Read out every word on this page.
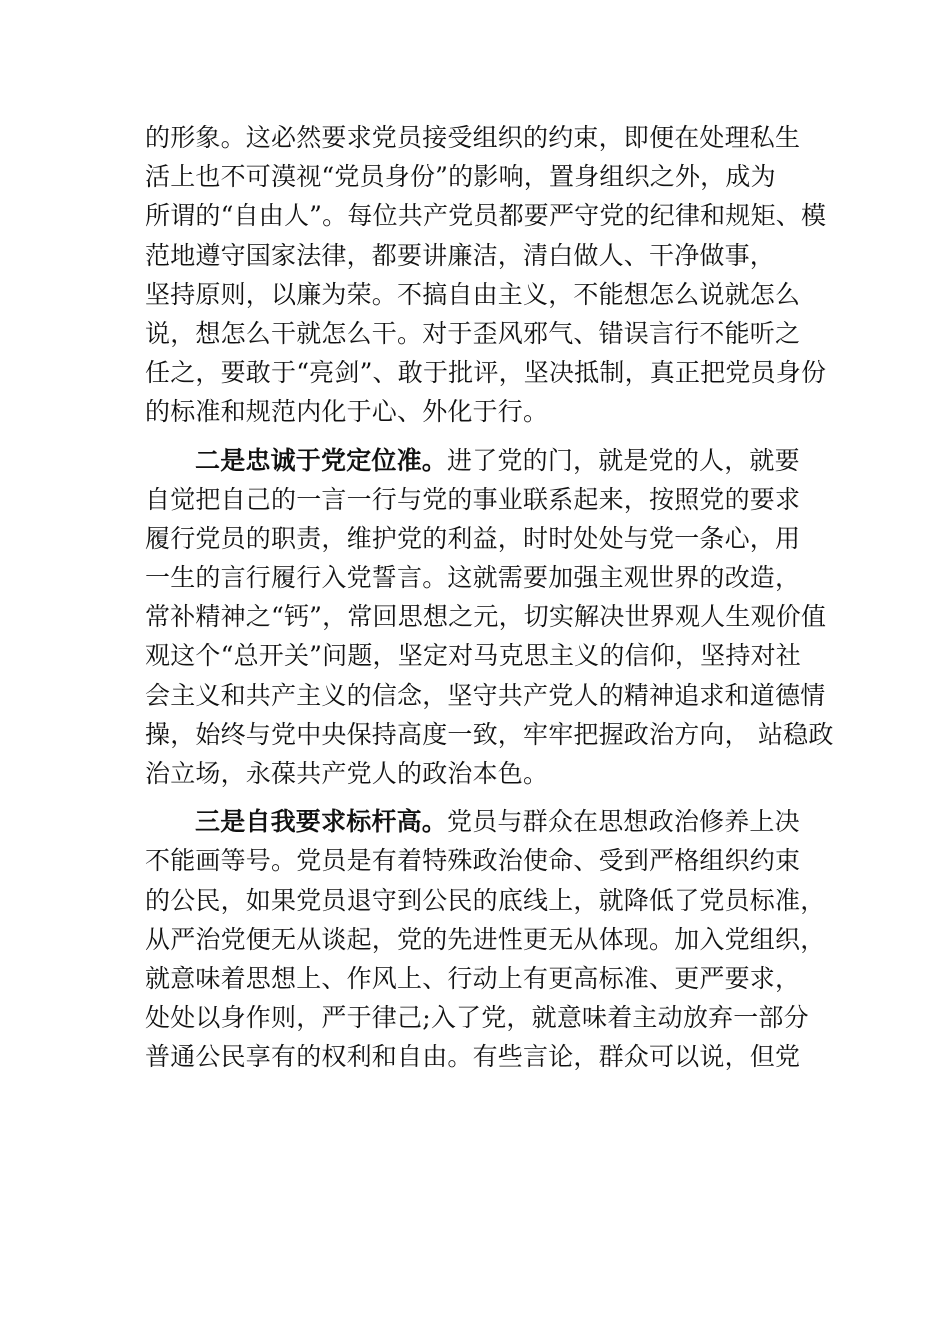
的形象。这必然要求党员接受组织的约束，即便在处理私生
活上也不可漠视“党员身份”的影响，置身组织之外，成为
所谓的“自由人”。每位共产党员都要严守党的纪律和规矩、模
范地遵守国家法律，都要讲廉洁，清白做人、干净做事，
坚持原则，以廉为荣。不搞自由主义，不能想怎么说就怎么
说，想怎么干就怎么干。对于歪风邪气、错误言行不能听之
任之，要敢于“亮剑”、敢于批评，坚决抵制，真正把党员身份
的标准和规范内化于心、外化于行。
二是忠诚于党定位准。进了党的门，就是党的人，就要
自觉把自己的一言一行与党的事业联系起来，按照党的要求
履行党员的职责，维护党的利益，时时处处与党一条心，用
一生的言行履行入党誓言。这就需要加强主观世界的改造，
常补精神之“钙”，常回思想之元，切实解决世界观人生观价值
观这个“总开关”问题，坚定对马克思主义的信仰，坚持对社
会主义和共产主义的信念，坚守共产党人的精神追求和道德情
操，始终与党中央保持高度一致，牢牢把握政治方向， 站稳政
治立场，永葆共产党人的政治本色。
三是自我要求标杆高。党员与群众在思想政治修养上决
不能画等号。党员是有着特殊政治使命、受到严格组织约束
的公民，如果党员退守到公民的底线上，就降低了党员标准，
从严治党便无从谈起，党的先进性更无从体现。加入党组织，
就意味着思想上、作风上、行动上有更高标准、更严要求，
处处以身作则，严于律己;入了党，就意味着主动放弃一部分
普通公民享有的权利和自由。有些言论，群众可以说，但党
